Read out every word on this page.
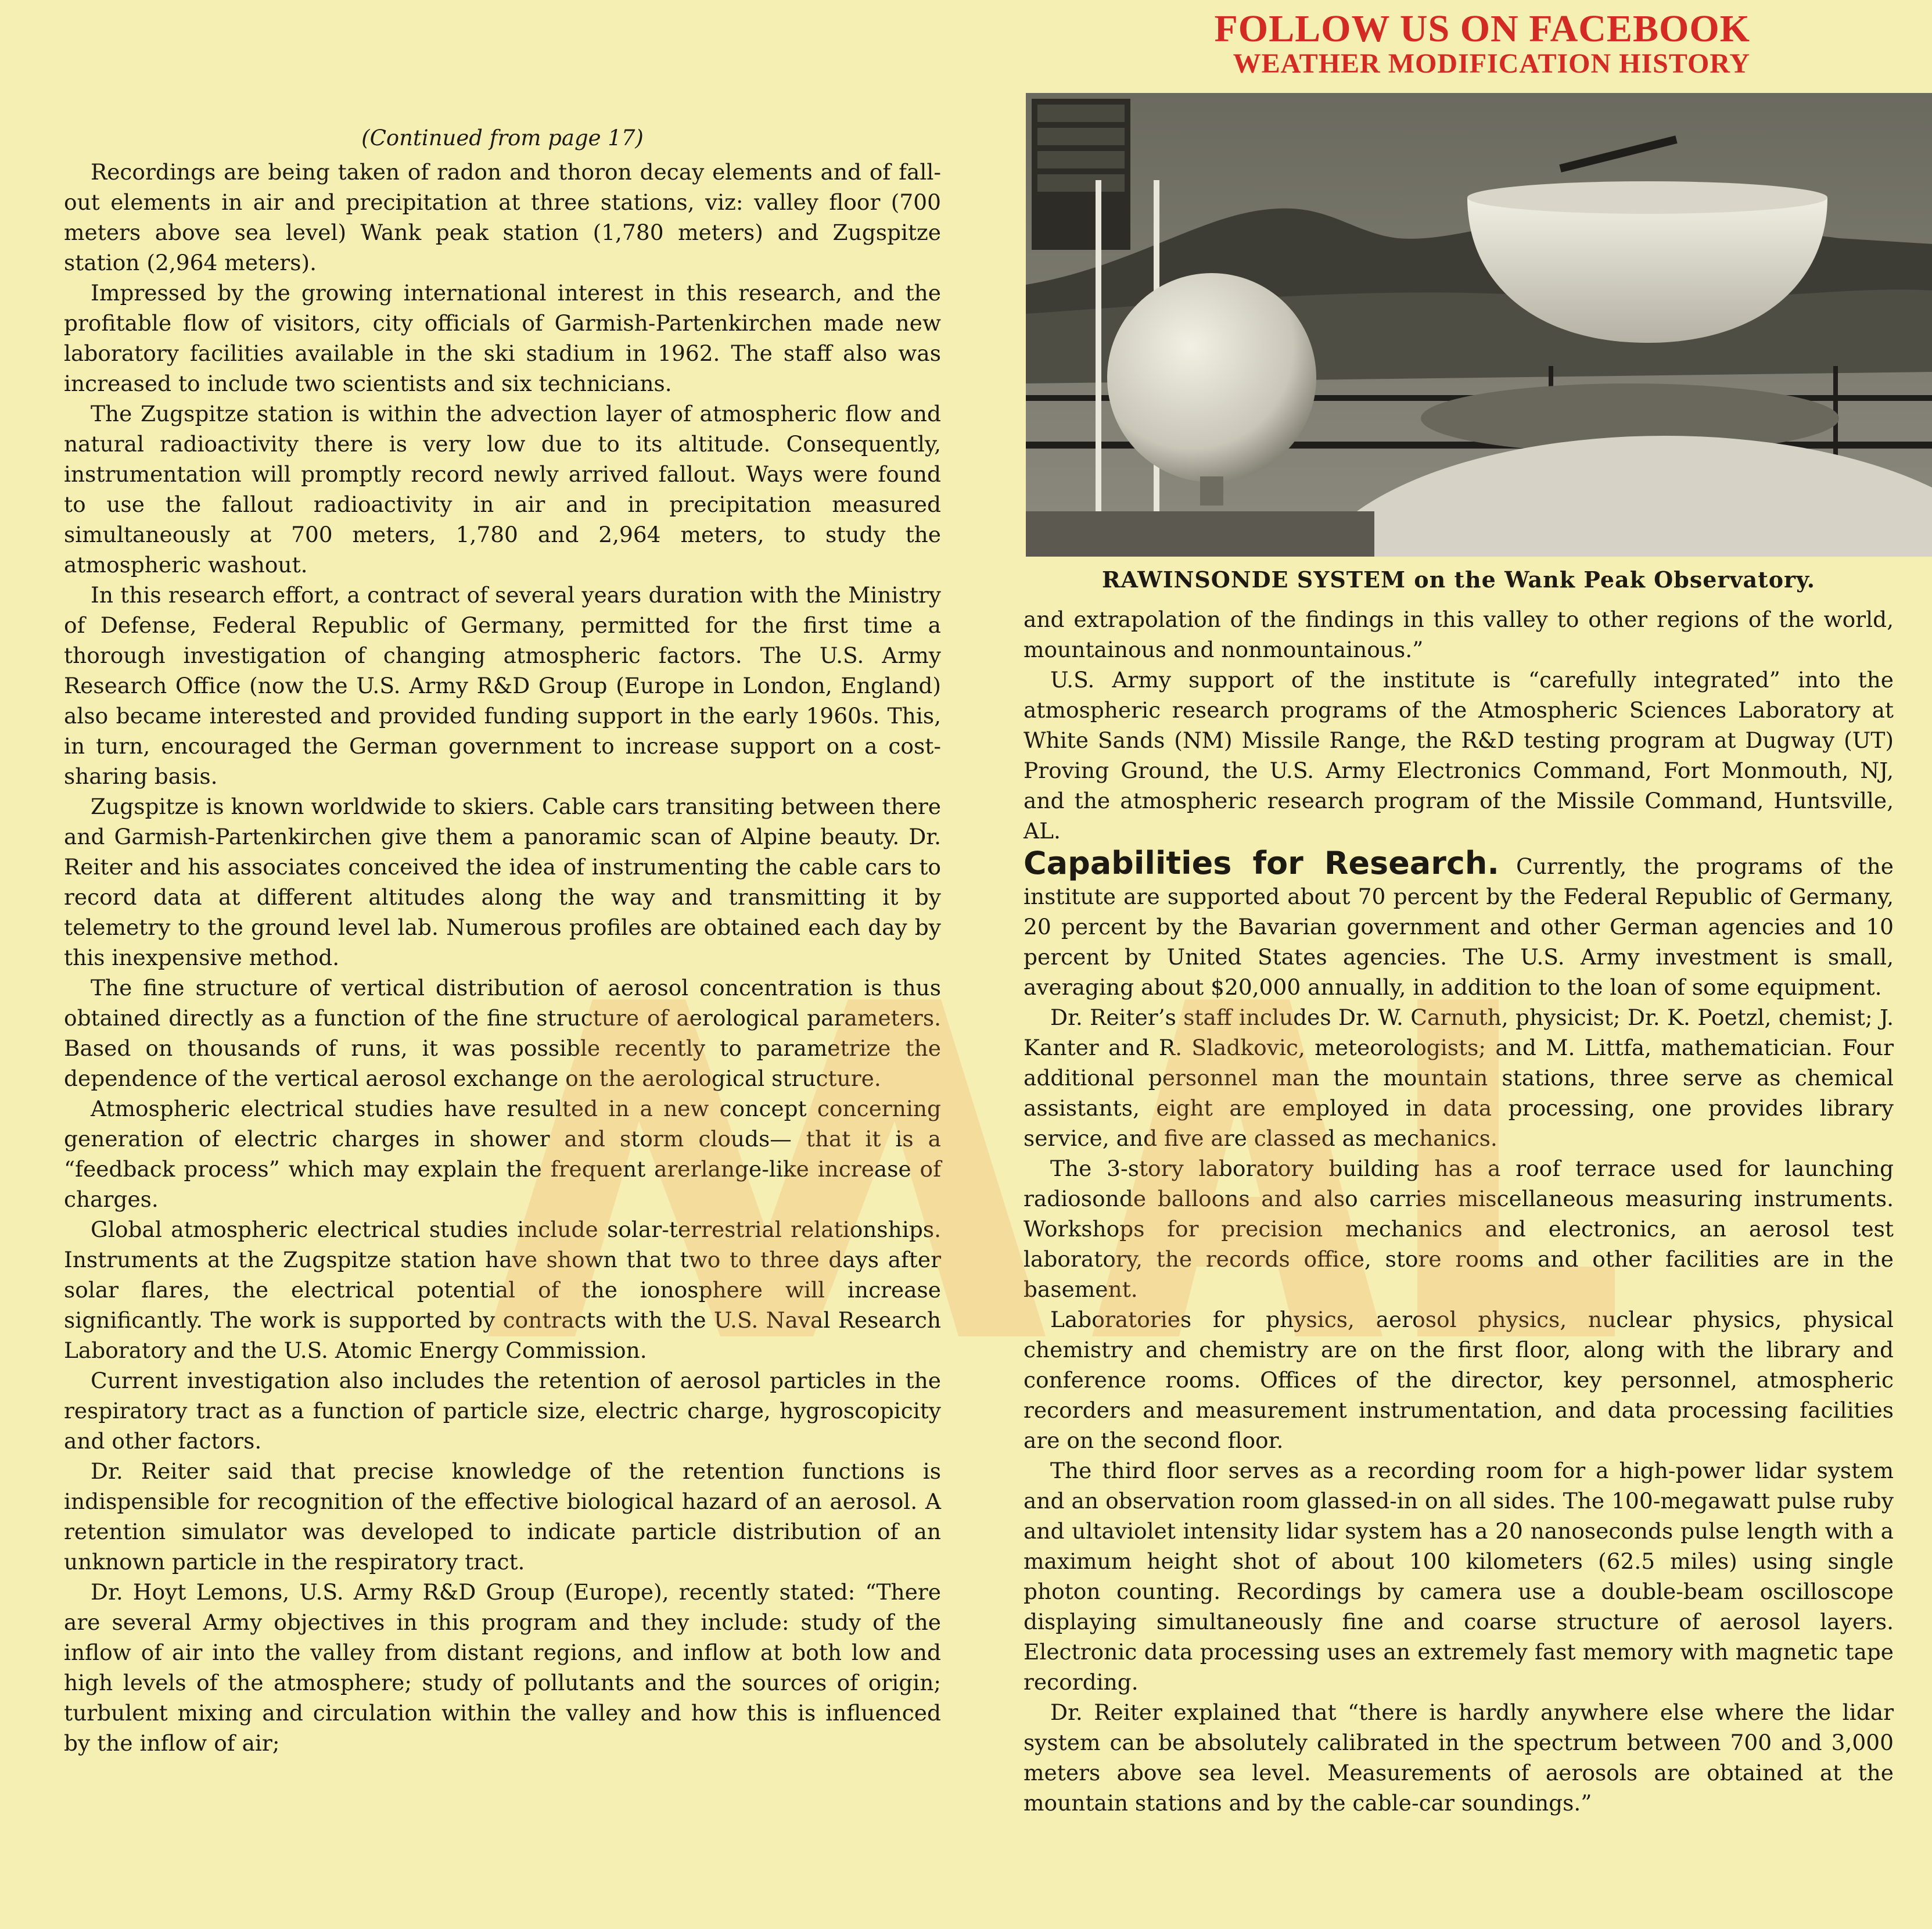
FOLLOW US ON FACEBOOK
WEATHER MODIFICATION HISTORY
(Continued from page 17)

Recordings are being taken of radon and thoron decay elements and of fall-out elements in air and precipitation at three stations, viz: valley floor (700 meters above sea level) Wank peak station (1,780 meters) and Zugspitze station (2,964 meters).

Impressed by the growing international interest in this research, and the profitable flow of visitors, city officials of Garmish-Partenkirchen made new laboratory facilities available in the ski stadium in 1962. The staff also was increased to include two scientists and six technicians.

The Zugspitze station is within the advection layer of atmospheric flow and natural radioactivity there is very low due to its altitude. Consequently, instrumentation will promptly record newly arrived fallout. Ways were found to use the fallout radioactivity in air and in precipitation measured simultaneously at 700 meters, 1,780 and 2,964 meters, to study the atmospheric washout.

In this research effort, a contract of several years duration with the Ministry of Defense, Federal Republic of Germany, permitted for the first time a thorough investigation of changing atmospheric factors. The U.S. Army Research Office (now the U.S. Army R&D Group (Europe in London, England) also became interested and provided funding support in the early 1960s. This, in turn, encouraged the German government to increase support on a cost-sharing basis.

Zugspitze is known worldwide to skiers. Cable cars transiting between there and Garmish-Partenkirchen give them a panoramic scan of Alpine beauty. Dr. Reiter and his associates conceived the idea of instrumenting the cable cars to record data at different altitudes along the way and transmitting it by telemetry to the ground level lab. Numerous profiles are obtained each day by this inexpensive method.

The fine structure of vertical distribution of aerosol concentration is thus obtained directly as a function of the fine structure of aerological parameters. Based on thousands of runs, it was possible recently to parametrize the dependence of the vertical aerosol exchange on the aerological structure.

Atmospheric electrical studies have resulted in a new concept concerning generation of electric charges in shower and storm clouds— that it is a “feedback process” which may explain the frequent arerlange-like increase of charges.

Global atmospheric electrical studies include solar-terrestrial relationships. Instruments at the Zugspitze station have shown that two to three days after solar flares, the electrical potential of the ionosphere will increase significantly. The work is supported by contracts with the U.S. Naval Research Laboratory and the U.S. Atomic Energy Commission.

Current investigation also includes the retention of aerosol particles in the respiratory tract as a function of particle size, electric charge, hygroscopicity and other factors.

Dr. Reiter said that precise knowledge of the retention functions is indispensible for recognition of the effective biological hazard of an aerosol. A retention simulator was developed to indicate particle distribution of an unknown particle in the respiratory tract.

Dr. Hoyt Lemons, U.S. Army R&D Group (Europe), recently stated: “There are several Army objectives in this program and they include: study of the inflow of air into the valley from distant regions, and inflow at both low and high levels of the atmosphere; study of pollutants and the sources of origin; turbulent mixing and circulation within the valley and how this is influenced by the inflow of air;

RAWINSONDE SYSTEM on the Wank Peak Observatory.

and extrapolation of the findings in this valley to other regions of the world, mountainous and nonmountainous.”

U.S. Army support of the institute is “carefully integrated” into the atmospheric research programs of the Atmospheric Sciences Laboratory at White Sands (NM) Missile Range, the R&D testing program at Dugway (UT) Proving Ground, the U.S. Army Electronics Command, Fort Monmouth, NJ, and the atmospheric research program of the Missile Command, Huntsville, AL.

Capabilities for Research. Currently, the programs of the institute are supported about 70 percent by the Federal Republic of Germany, 20 percent by the Bavarian government and other German agencies and 10 percent by United States agencies. The U.S. Army investment is small, averaging about $20,000 annually, in addition to the loan of some equipment.

Dr. Reiter’s staff includes Dr. W. Carnuth, physicist; Dr. K. Poetzl, chemist; J. Kanter and R. Sladkovic, meteorologists; and M. Littfa, mathematician. Four additional personnel man the mountain stations, three serve as chemical assistants, eight are employed in data processing, one provides library service, and five are classed as mechanics.

The 3-story laboratory building has a roof terrace used for launching radiosonde balloons and also carries miscellaneous measuring instruments. Workshops for precision mechanics and electronics, an aerosol test laboratory, the records office, store rooms and other facilities are in the basement.

Laboratories for physics, aerosol physics, nuclear physics, physical chemistry and chemistry are on the first floor, along with the library and conference rooms. Offices of the director, key personnel, atmospheric recorders and measurement instrumentation, and data processing facilities are on the second floor.

The third floor serves as a recording room for a high-power lidar system and an observation room glassed-in on all sides. The 100-megawatt pulse ruby and ultaviolet intensity lidar system has a 20 nanoseconds pulse length with a maximum height shot of about 100 kilometers (62.5 miles) using single photon counting. Recordings by camera use a double-beam oscilloscope displaying simultaneously fine and coarse structure of aerosol layers. Electronic data processing uses an extremely fast memory with magnetic tape recording.

Dr. Reiter explained that “there is hardly anywhere else where the lidar system can be absolutely calibrated in the spectrum between 700 and 3,000 meters above sea level. Measurements of aerosols are obtained at the mountain stations and by the cable-car soundings.”
